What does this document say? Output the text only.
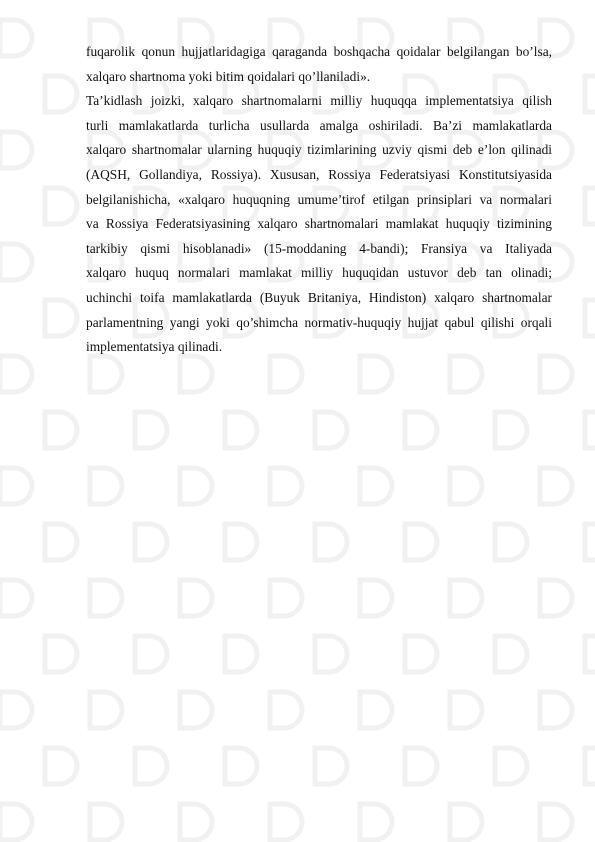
fuqarolik qonun hujjatlaridagiga qaraganda boshqacha qoidalar belgilangan bo’lsa,
xalqaro shartnoma yoki bitim qoidalari qo’llaniladi».
Ta’kidlash joizki, xalqaro shartnomalarni milliy huquqqa implementatsiya qilish
turli mamlakatlarda turlicha usullarda amalga oshiriladi. Ba’zi mamlakatlarda
xalqaro shartnomalar ularning huquqiy tizimlarining uzviy qismi deb e’lon qilinadi
(AQSH, Gollandiya, Rossiya). Xususan, Rossiya Federatsiyasi Konstitutsiyasida
belgilanishicha, «xalqaro huquqning umume’tirof etilgan prinsiplari va normalari
va Rossiya Federatsiyasining xalqaro shartnomalari mamlakat huquqiy tizimining
tarkibiy qismi hisoblanadi» (15-moddaning 4-bandi); Fransiya va Italiyada
xalqaro huquq normalari mamlakat milliy huquqidan ustuvor deb tan olinadi;
uchinchi toifa mamlakatlarda (Buyuk Britaniya, Hindiston) xalqaro shartnomalar
parlamentning yangi yoki qo’shimcha normativ-huquqiy hujjat qabul qilishi orqali
implementatsiya qilinadi.
